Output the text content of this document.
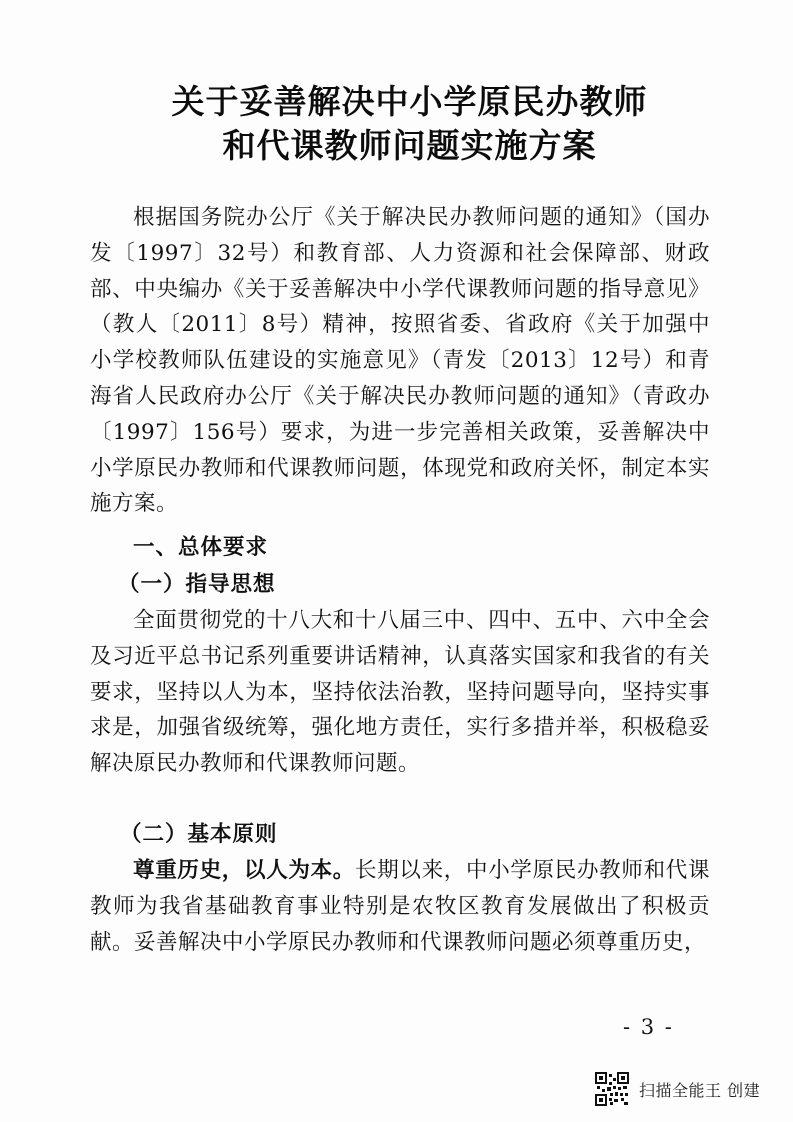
关于妥善解决中小学原民办教师
和代课教师问题实施方案
根据国务院办公厅《关于解决民办教师问题的通知》（国办发〔1997〕32号）和教育部、人力资源和社会保障部、财政部、中央编办《关于妥善解决中小学代课教师问题的指导意见》（教人〔2011〕8号）精神，按照省委、省政府《关于加强中小学校教师队伍建设的实施意见》（青发〔2013〕12号）和青海省人民政府办公厅《关于解决民办教师问题的通知》（青政办〔1997〕156号）要求，为进一步完善相关政策，妥善解决中小学原民办教师和代课教师问题，体现党和政府关怀，制定本实施方案。
一、总体要求
（一）指导思想
全面贯彻党的十八大和十八届三中、四中、五中、六中全会及习近平总书记系列重要讲话精神，认真落实国家和我省的有关要求，坚持以人为本，坚持依法治教，坚持问题导向，坚持实事求是，加强省级统筹，强化地方责任，实行多措并举，积极稳妥解决原民办教师和代课教师问题。
（二）基本原则
尊重历史，以人为本。长期以来，中小学原民办教师和代课教师为我省基础教育事业特别是农牧区教育发展做出了积极贡献。妥善解决中小学原民办教师和代课教师问题必须尊重历史，
- 3 -
扫描全能王 创建
